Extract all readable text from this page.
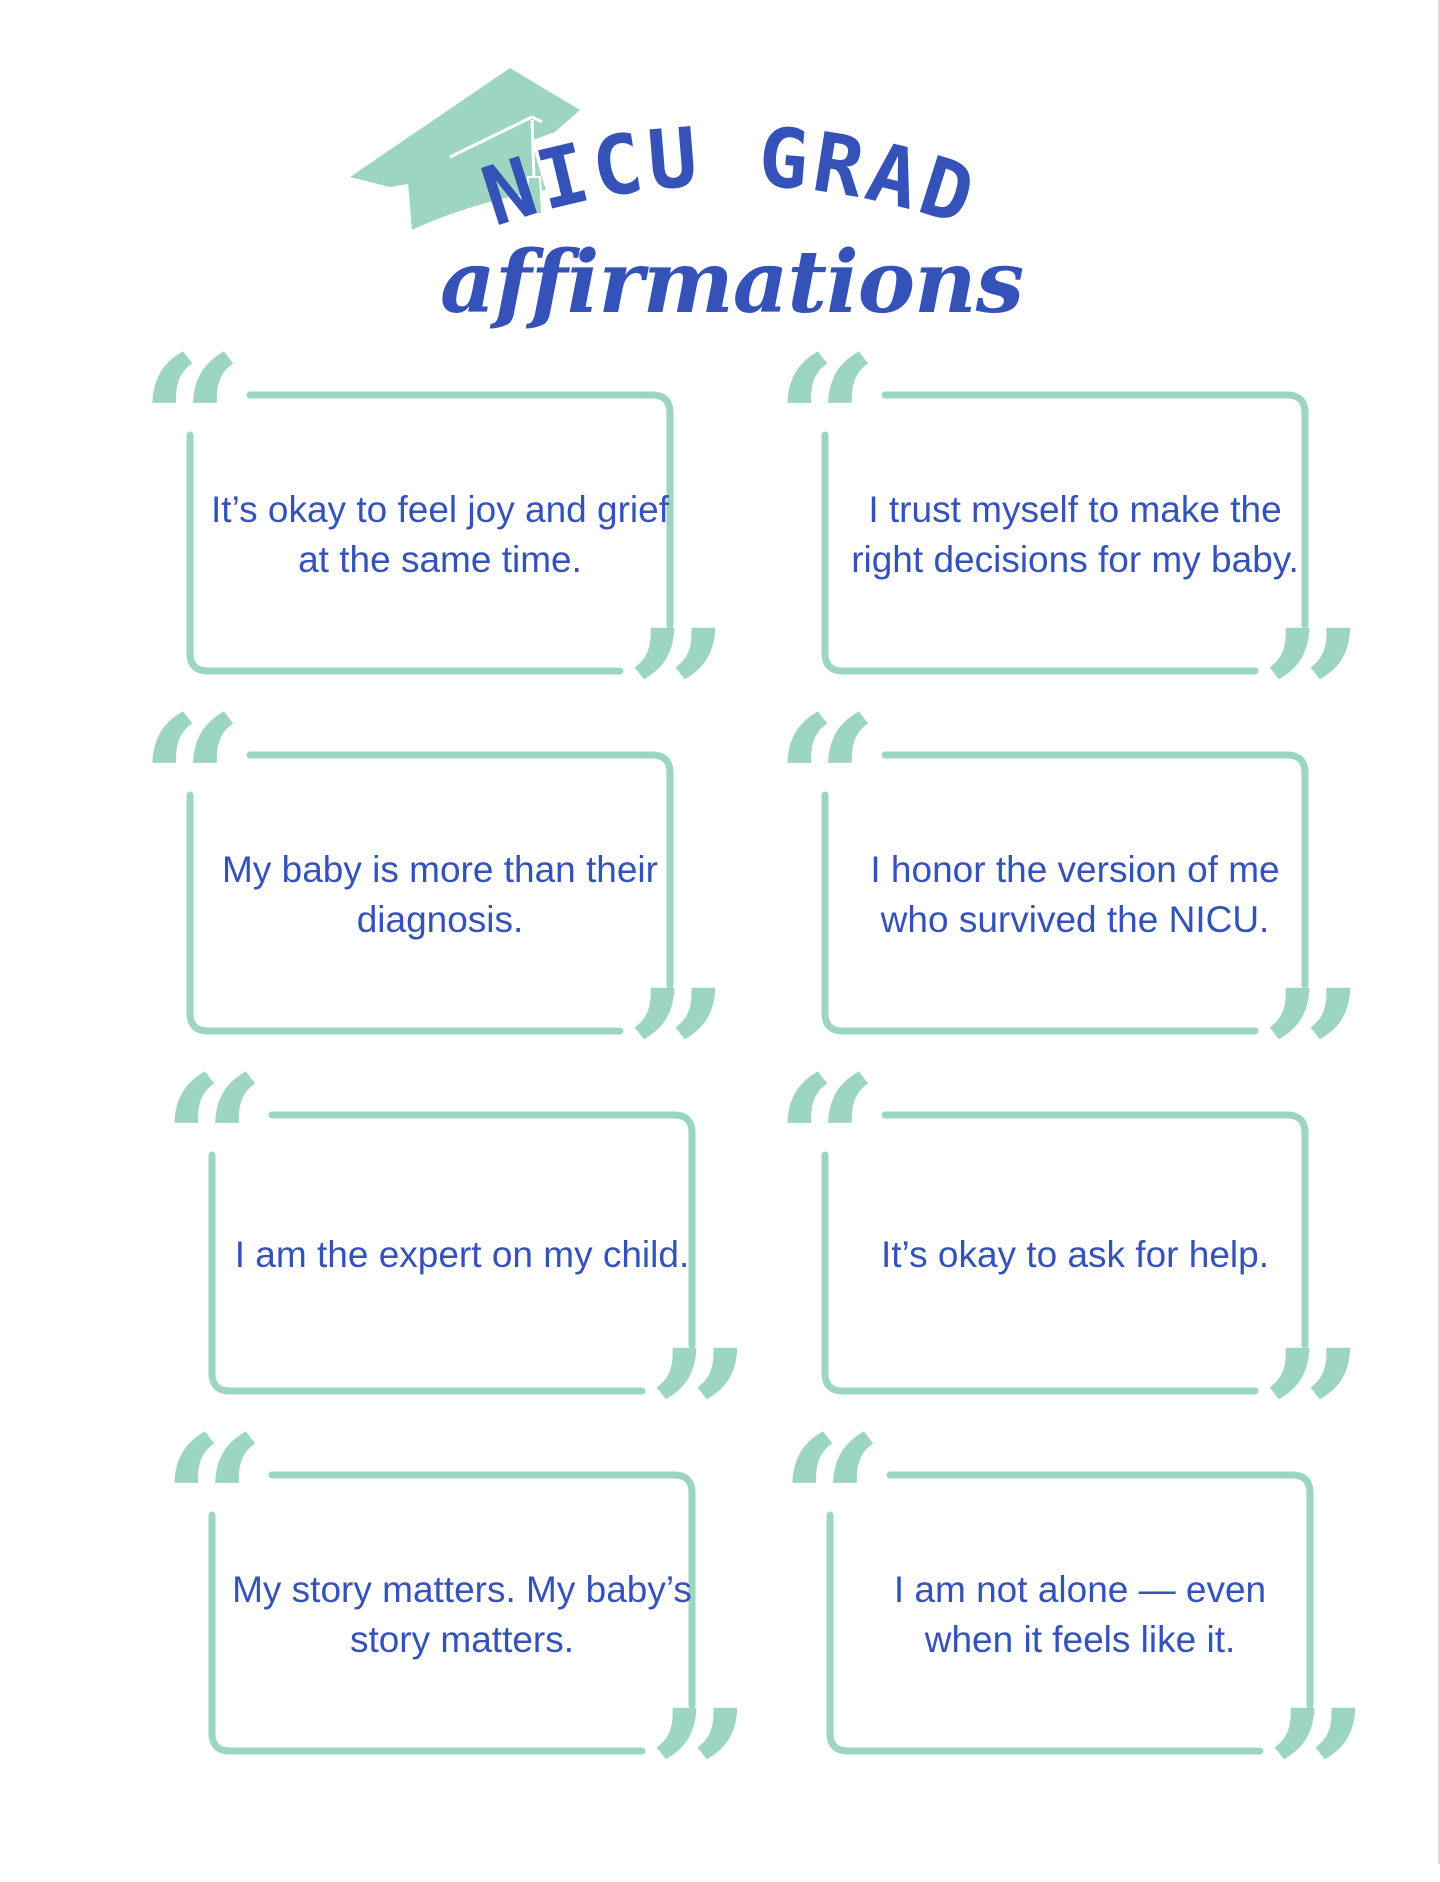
NICU GRAD
affirmations
“
”
It’s okay to feel joy and grief at the same time.
“
”
I trust myself to make the right decisions for my baby.
“
”
My baby is more than their diagnosis.
“
”
I honor the version of me who survived the NICU.
“
”
I am the expert on my child.
“
”
It’s okay to ask for help.
“
”
My story matters. My baby’s story matters.
“
”
I am not alone — even when it feels like it.
